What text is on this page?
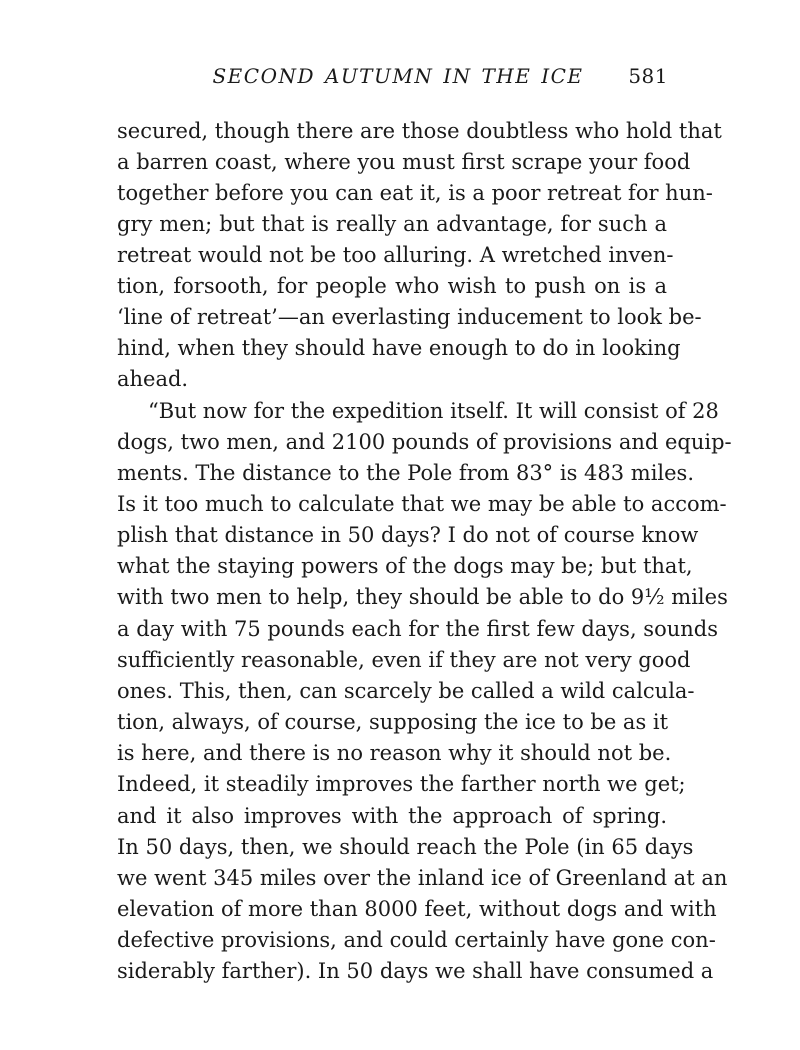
SECOND AUTUMN IN THE ICE	581
secured, though there are those doubtless who hold that
a barren coast, where you must first scrape your food
together before you can eat it, is a poor retreat for hun-
gry men; but that is really an advantage, for such a
retreat would not be too alluring. A wretched inven-
tion, forsooth, for people who wish to push on is a
‘line of retreat’—an everlasting inducement to look be-
hind, when they should have enough to do in looking
ahead.
“But now for the expedition itself. It will consist of 28
dogs, two men, and 2100 pounds of provisions and equip-
ments. The distance to the Pole from 83° is 483 miles.
Is it too much to calculate that we may be able to accom-
plish that distance in 50 days? I do not of course know
what the staying powers of the dogs may be; but that,
with two men to help, they should be able to do 9½ miles
a day with 75 pounds each for the first few days, sounds
sufficiently reasonable, even if they are not very good
ones. This, then, can scarcely be called a wild calcula-
tion, always, of course, supposing the ice to be as it
is here, and there is no reason why it should not be.
Indeed, it steadily improves the farther north we get;
and it also improves with the approach of spring.
In 50 days, then, we should reach the Pole (in 65 days
we went 345 miles over the inland ice of Greenland at an
elevation of more than 8000 feet, without dogs and with
defective provisions, and could certainly have gone con-
siderably farther). In 50 days we shall have consumed a
